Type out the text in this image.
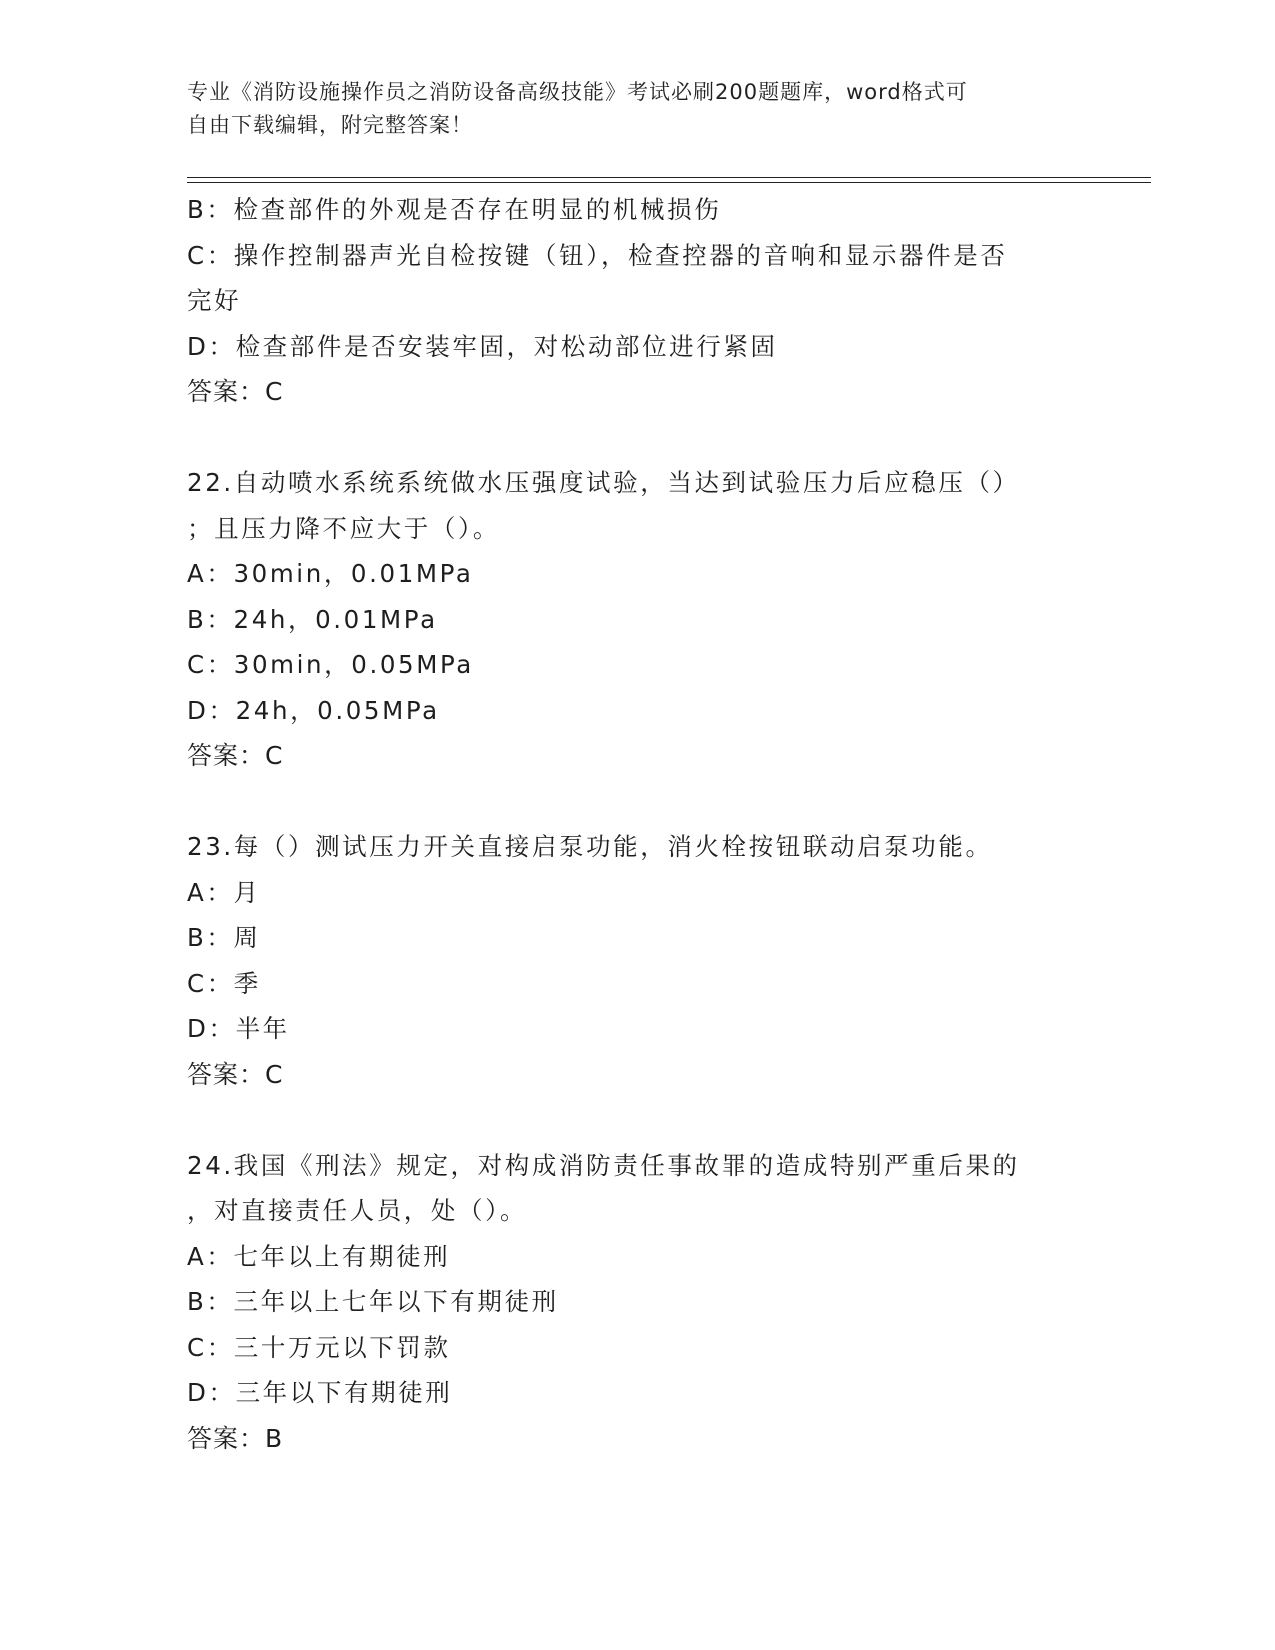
专业《消防设施操作员之消防设备高级技能》考试必刷200题题库，word格式可
自由下载编辑，附完整答案！
B：检查部件的外观是否存在明显的机械损伤
C：操作控制器声光自检按键（钮），检查控器的音响和显示器件是否
完好
D：检查部件是否安装牢固，对松动部位进行紧固
答案：C
22.自动喷水系统系统做水压强度试验，当达到试验压力后应稳压（）
；且压力降不应大于（）。
A：30min，0.01MPa
B：24h，0.01MPa
C：30min，0.05MPa
D：24h，0.05MPa
答案：C
23.每（）测试压力开关直接启泵功能，消火栓按钮联动启泵功能。
A：月
B：周
C：季
D：半年
答案：C
24.我国《刑法》规定，对构成消防责任事故罪的造成特别严重后果的
，对直接责任人员，处（）。
A：七年以上有期徒刑
B：三年以上七年以下有期徒刑
C：三十万元以下罚款
D：三年以下有期徒刑
答案：B
